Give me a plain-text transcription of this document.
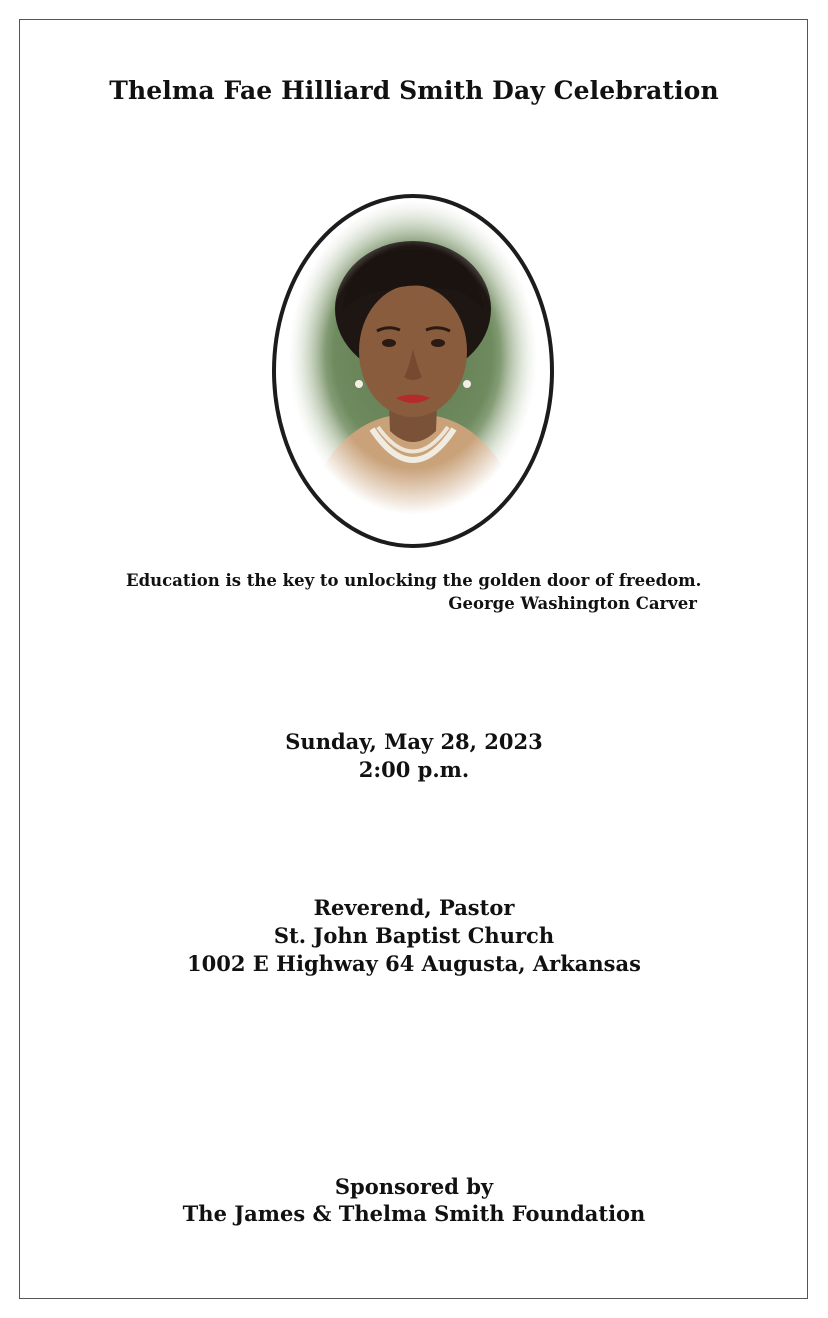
Thelma Fae Hilliard Smith Day Celebration
Education is the key to unlocking the golden door of freedom.
George Washington Carver
Sunday, May 28, 2023
2:00 p.m.
Reverend, Pastor
St. John Baptist Church
1002 E Highway 64 Augusta, Arkansas
Sponsored by
The James & Thelma Smith Foundation
